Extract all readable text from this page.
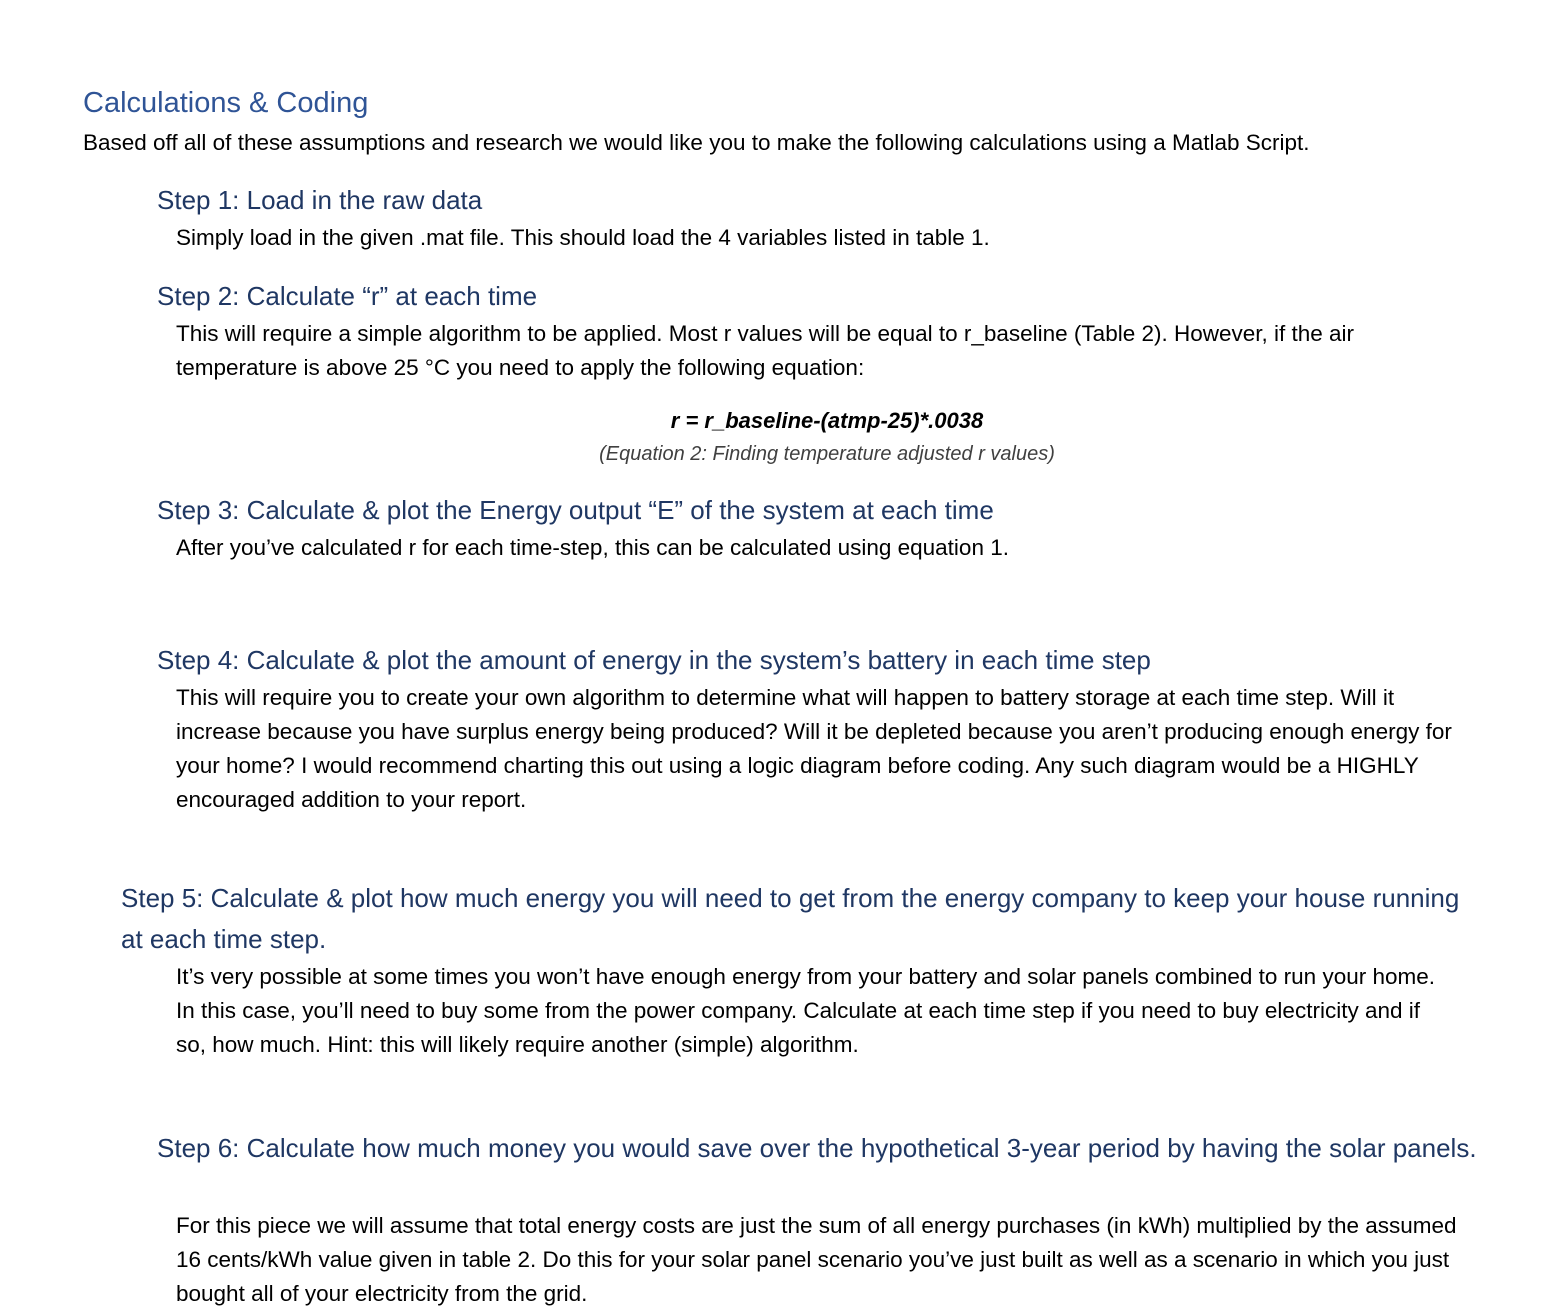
Calculations & Coding
Based off all of these assumptions and research we would like you to make the following calculations using a Matlab Script.
Step 1: Load in the raw data
Simply load in the given .mat file. This should load the 4 variables listed in table 1.
Step 2: Calculate “r” at each time
This will require a simple algorithm to be applied. Most r values will be equal to r_baseline (Table 2). However, if the air temperature is above 25 °C you need to apply the following equation:
r = r_baseline-(atmp-25)*.0038
(Equation 2: Finding temperature adjusted r values)
Step 3: Calculate & plot the Energy output “E” of the system at each time
After you’ve calculated r for each time-step, this can be calculated using equation 1.
Step 4: Calculate & plot the amount of energy in the system’s battery in each time step
This will require you to create your own algorithm to determine what will happen to battery storage at each time step. Will it increase because you have surplus energy being produced? Will it be depleted because you aren’t producing enough energy for your home? I would recommend charting this out using a logic diagram before coding. Any such diagram would be a HIGHLY encouraged addition to your report.
Step 5: Calculate & plot how much energy you will need to get from the energy company to keep your house running at each time step.
It’s very possible at some times you won’t have enough energy from your battery and solar panels combined to run your home. In this case, you’ll need to buy some from the power company. Calculate at each time step if you need to buy electricity and if so, how much. Hint: this will likely require another (simple) algorithm.
Step 6: Calculate how much money you would save over the hypothetical 3-year period by having the solar panels.
For this piece we will assume that total energy costs are just the sum of all energy purchases (in kWh) multiplied by the assumed 16 cents/kWh value given in table 2. Do this for your solar panel scenario you’ve just built as well as a scenario in which you just bought all of your electricity from the grid.
